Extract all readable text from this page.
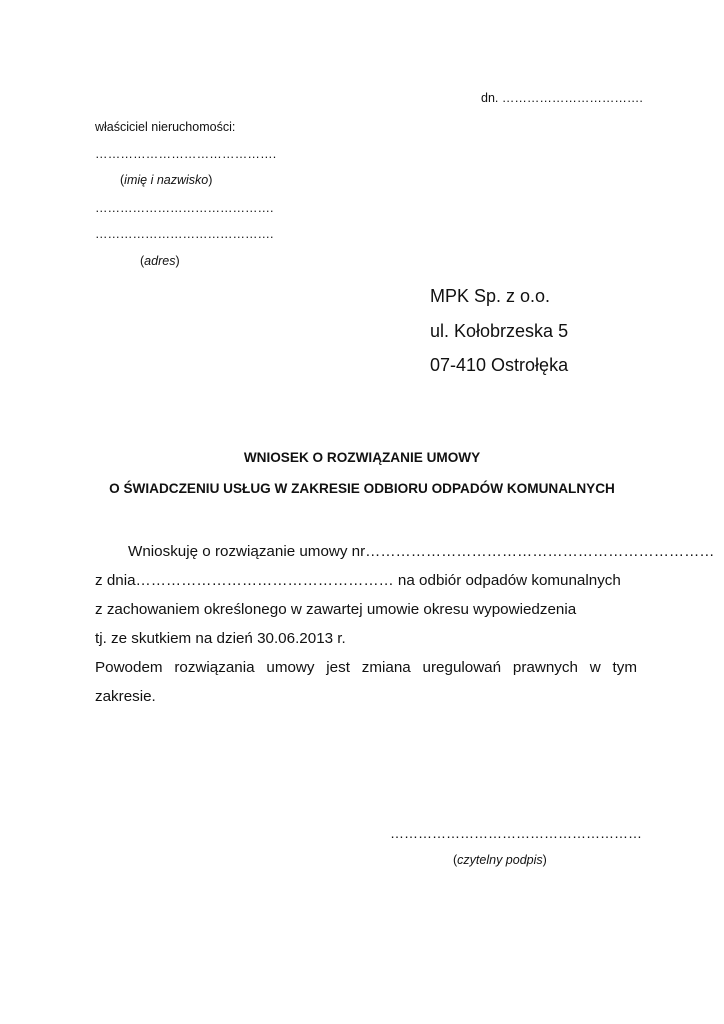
dn. …………………………….
właściciel nieruchomości:
…………………………………….
(imię i nazwisko)
…………………………………….
…………………………………….
(adres)
MPK Sp. z o.o.
ul. Kołobrzeska 5
07-410 Ostrołęka
WNIOSEK O ROZWIĄZANIE UMOWY
O ŚWIADCZENIU USŁUG W ZAKRESIE ODBIORU ODPADÓW KOMUNALNYCH
Wnioskuję o rozwiązanie umowy nr……………………………………………………………
z dnia…………………………………………… na odbiór odpadów komunalnych
z zachowaniem określonego w zawartej umowie okresu wypowiedzenia
tj. ze skutkiem na dzień 30.06.2013 r.
Powodem rozwiązania umowy jest zmiana uregulowań prawnych w tym zakresie.
………………………………………………
(czytelny podpis)
